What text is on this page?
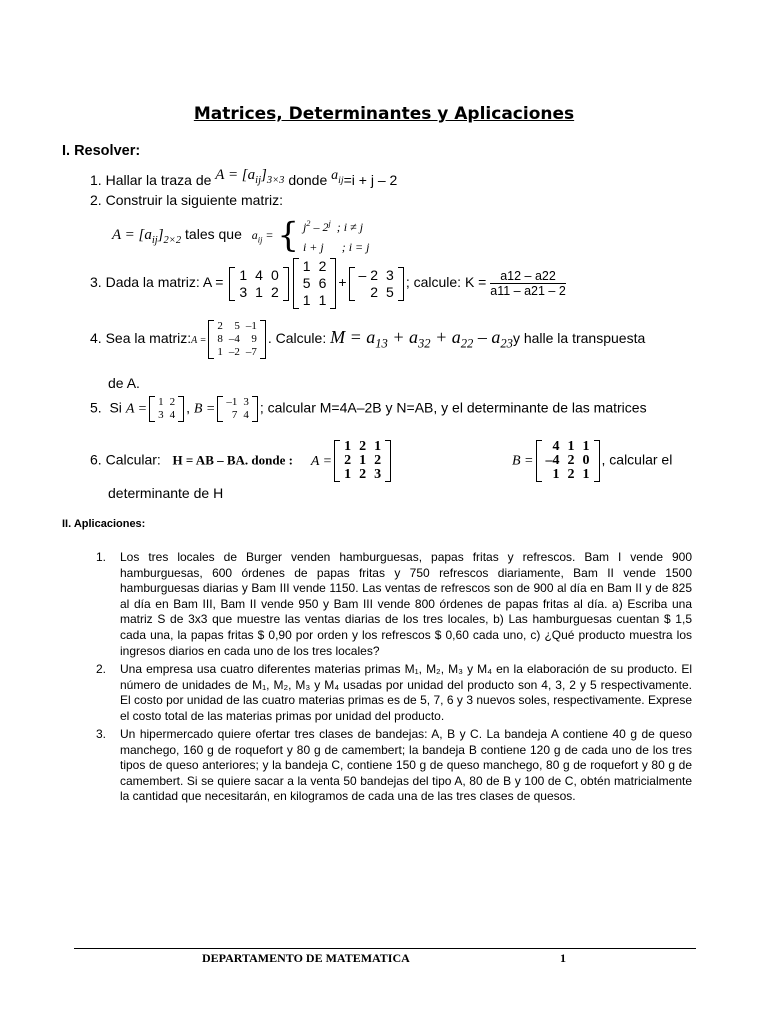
Matrices, Determinantes y Aplicaciones
I. Resolver:
1. Hallar la traza de $A = [a_{ij}]_{3\times 3}$ donde $a_{ij}=i + j - 2$
2. Construir la siguiente matriz:
$A = [a_{ij}]_{2\times 2}$ tales que $a_{ij}$ = { $j^2 - 2^j$  ; i ≠ j
i + j      ; i = j
3. Dada la matriz: A = 1	4	0
3	1	2
1	2
5	6
1	1
+ – 2	3
2	5
; calcule: $K = \frac{a12 - a22}{a11 - a21 - 2}$
4. Sea la matriz:A =
2	5	–1
8	–4	9
1	–2	–7
. Calcule: $M = a_{13} + a_{32} + a_{22} - a_{23}y$ halle la transpuesta
de A.
5. Si A = 1	2
3	4 , B = –1	3
7	4 ; calcular M=4A–2B y N=AB, y el determinante de las matrices
6. Calcular: H = AB – BA. donde : A =
1	2	1
2	1	2
1	2	3
B =
4	1	1
–4	2	0
1	2	1
, calcular el
determinante de H
II. Aplicaciones:
1. Los tres locales de Burger venden hamburguesas, papas fritas y refrescos. Bam I vende 900 hamburguesas, 600 órdenes de papas fritas y 750 refrescos diariamente, Bam II vende 1500 hamburguesas diarias y Bam III vende 1150. Las ventas de refrescos son de 900 al día en Bam II y de 825 al día en Bam III, Bam II vende 950 y Bam III vende 800 órdenes de papas fritas al día. a) Escriba una matriz S de 3x3 que muestre las ventas diarias de los tres locales, b) Las hamburguesas cuentan $ 1,5 cada una, la papas fritas $ 0,90 por orden y los refrescos $ 0,60 cada uno, c) ¿Qué producto muestra los ingresos diarios en cada uno de los tres locales?
2. Una empresa usa cuatro diferentes materias primas M₁, M₂, M₃ y M₄ en la elaboración de su producto. El número de unidades de M₁, M₂, M₃ y M₄ usadas por unidad del producto son 4, 3, 2 y 5 respectivamente. El costo por unidad de las cuatro materias primas es de 5, 7, 6 y 3 nuevos soles, respectivamente. Exprese el costo total de las materias primas por unidad del producto.
3. Un hipermercado quiere ofertar tres clases de bandejas: A, B y C. La bandeja A contiene 40 g de queso manchego, 160 g de roquefort y 80 g de camembert; la bandeja B contiene 120 g de cada uno de los tres tipos de queso anteriores; y la bandeja C, contiene 150 g de queso manchego, 80 g de roquefort y 80 g de camembert. Si se quiere sacar a la venta 50 bandejas del tipo A, 80 de B y 100 de C, obtén matricialmente la cantidad que necesitarán, en kilogramos de cada una de las tres clases de quesos.
DEPARTAMENTO DE MATEMATICA	1
